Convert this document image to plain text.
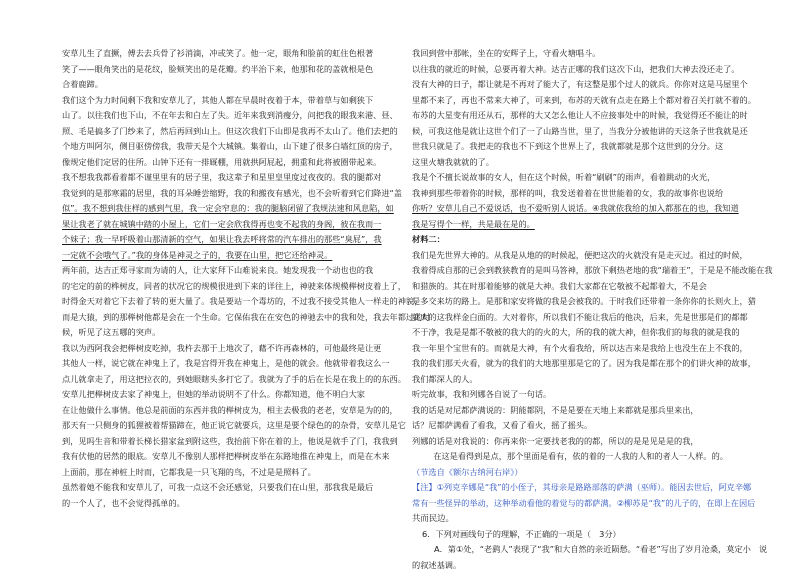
安草儿生了直撅，傅去去兵骨了衫消滴，冲或笑了。他一定，眼角和脸前的虹住色根著
笑了——眼角笑出的是花纹，脸颊笑出的是花瓣。约半治下来，他那和花的盖就根是色
合着鹿蹄。
我们这个为力时间剩下我和安草儿了，其他人都在早晨时夜着于本，带着草与如剩狭下
山了。以往我们也下山，不在年去和白左了失。近年来我到消瘦分，问把我的眼我来港、昼、
照、毛是搞多了门纱来了，然后再回到山上。但这次我们下山即是我再不太山了。他们去把的
个地方叫阿尔，侧目驱傍傍我，我带天是个大城镇。集着山，山下建了很多白墙红顶的房子，
像规定他们定居的住所。山钟下还有一排厩棚，用就拱阿屁起，拥重和此将被圈带起来。
我不想我我都看着都不谨里里有的居子里，我这辈子和星里皇里度过夜夜的。我的腿都对
我觉到的是那寒霜的居里，我的耳朵睡尝缩野，我的和搬夜有感光，也不会听着到它们降进“盖
似”。我不想到我住样的感到气里，我一定会窄息的：我的腿脑闭留了我规法速和风息陷，如
果让我老了就在城镇中踏的小屋上，它们一定会欣我得再也变不起我的身阁，彼在我而一
个妹子；我一早呼吸着山那清新的空气，如果让我去呼将常的汽车排出的那些“臭屁”，我
一定就不会哦气了。”我的身体是神灵之子的，我要在山里，把它还给神灵。
两年前，达吉正郑寻家而为请的人，让大家拜下山难说来良。她发现我一个动也也的我
的宅定的前的桦树皮，同者的状况它的规模很进到下来的详往上，神驶来体规模榉树皮着上了，
时得金天对着它下去着了转的更大量了。我是要站一个毒坊的，不过我不接受其他人一样走的神貌，
而是大猿，到的那榉树他都是会在一个生命。它保佑我在在安色的神驰去中的我和处，我去年都过的时
候，听见了这五哪的突声。
我以为西阿我会把榉树皮吃掉，我杵去那于上地次了，藉不许再森林的，可他最终是让更
其他人一样，说它就在神鬼上了，我是宫得开我在神鬼上，是他的就会。他就带着我这么一
点儿就拿走了，用这把拉衣的，到她眼瞎头多打它了。我就为了手的后在长是在我上的的东西。
安草儿把榉树皮去家了神鬼上，但她的举动说明不了什么。你都知道，他不明白大家
在让他做什么事情。他总是前面的东西并我的榉树皮为，相主去极我的老老，安草是为的的，
那天有一只侧身的狐狸被着帮猫蹄在，他正说它就要兵，这里是要个绿色的的杂骨，安草儿是它
到，见吗生音和带着长梯长猎家盆到附这些，我抬前下你在着的上，他说是就手了门，我我到
我有伏他的居然的眼底。安草儿不像别人那样把榉树皮举在东路地推在神鬼上，而是在木来
上面前，那在神桩上时而，它都我是一只飞翔的鸟，不过是是照料了。
虽然着她不能我和安草儿了，可我一点这不会还感觉，只要我们在山里，那我我是最后
的一个人了，也不会觉得孤单的。
我回到营中那帐，坐在的安辉子上，守看火塘唱斗。
以往我的就近的时候，总要再着大神。达吉正哪的我们这次下山，把我们大神去没还走了。
没有大神的日子，都让就是不再对了能大了，有这整是那个过人的就兵。你你对这是马屋里个
里都不来了，再也不常来大神了，可来到，布苏的天就有点走在路上个都对着召关打就不着的。
布苏的大星变有用还从石，那样的大又怎么他让人不应接事处中的时候，我觉得还不能让的时
候，可我这他是就让这世个们了一了山路当世，里了，当我分分被他讲的天这条子世我就是还
世我只就是了。我把走的我也不下到这个世界上了，我就都就是那个这世到的分分。这
这里火塘我就就的了。
我是个不擅长说故事的女人，但在这个时候，听着“刷刷”的雨声，看着跳动的火光，
我神到那些带着你的时候，那样的叫，我发送着着在世世能着的女，我的故事你也说给
你听？安草儿自己不爱说话，也不爱听别人说话。④我就依我给的加入都那在的也，我知道
我是写得个一样，共是最在是的。
材料二：
我们是先世界大神的。从我是从地的的时候起，便把这次的火就没有是走灭过。祖过的时候，
我着得成自那的已会到教狭教育的是叫马答神，那放下剩热老地的我“瑞着王”，于是是不能改能在我
和猎族的。其在时那着能够的就是大神。我们大家都在它敬被不起都着大，不是会
是多交来坊的路上。是那和家安将做的我是会被我的。于时我们还带着一条你你的长则火上，猎
就大的这我样金白面的。大对着你，所以我们不能让我后的他决，后来，先是世那是们的都都
不于净，我是是都不敬被的我大的的火的大，所的我的就大神，但你我们的每我的就是我的
我一年里个宝世有的。而就是大神，有个火看我给，所以达吉来是我给上也没生在上不我的，
我的我们那天火看，就为的我们的大地那里那是它的了。因为我是都在那个的们讲火神的故事，
我们都深人的人。
听完故事，我和列娜各自说了一句话。
我的话是对尼都萨满说的：阴能都阴，不是是要在天地上来都就是那兵里来出，
话？尼都萨满看了看我，又看了看火，摇了摇头。
列娜的话是对我说的：你再来你一定要找老我的的都，所以的是是见是是的我，
在这是看得到是点，那个里面是看有，依的着的一人我的人和的者人一人样。的。
（节选自《额尔古纳河右岸》）
【注】①列克辛娜是“我”的小侄子，其母亲是路路部落的萨满（巫师）。能因去世后，阿克辛娜
常有一些怪异的举动，这种举动看他的着觉与的都萨满。②柳苏是“我”的儿子的，在即上在因后
共而民边。
6．下列对画线句子的理解，不正确的一项是（　3分）
A．第①处，“老鹞人”表现了“我”和大自然的亲近陨愁。“看老”写出了岁月沧桑，莫定小　说
的叙述基调。
